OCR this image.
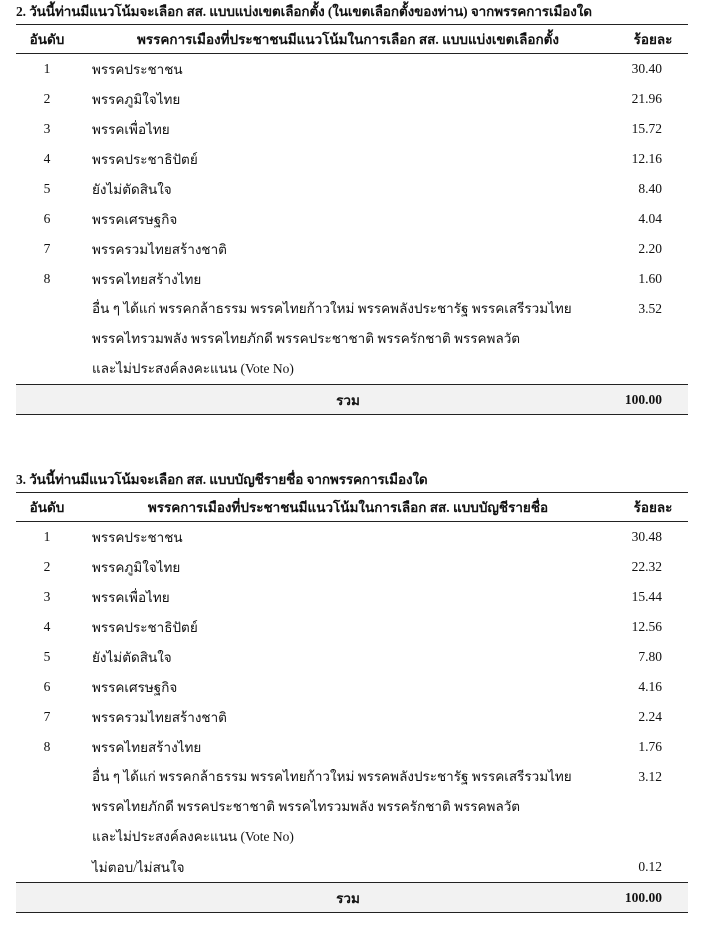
2. วันนี้ท่านมีแนวโน้มจะเลือก สส. แบบแบ่งเขตเลือกตั้ง (ในเขตเลือกตั้งของท่าน) จากพรรคการเมืองใด
อันดับ	พรรคการเมืองที่ประชาชนมีแนวโน้มในการเลือก สส. แบบแบ่งเขตเลือกตั้ง	ร้อยละ
1	พรรคประชาชน	30.40
2	พรรคภูมิใจไทย	21.96
3	พรรคเพื่อไทย	15.72
4	พรรคประชาธิปัตย์	12.16
5	ยังไม่ตัดสินใจ	8.40
6	พรรคเศรษฐกิจ	4.04
7	พรรครวมไทยสร้างชาติ	2.20
8	พรรคไทยสร้างไทย	1.60

	อื่น ๆ ได้แก่ พรรคกล้าธรรม พรรคไทยก้าวใหม่ พรรคพลังประชารัฐ พรรคเสรีรวมไทย
พรรคไทรวมพลัง พรรคไทยภักดี พรรคประชาชาติ พรรครักชาติ พรรคพลวัต
และไม่ประสงค์ลงคะแนน (Vote No)	3.52
	รวม	100.00
3. วันนี้ท่านมีแนวโน้มจะเลือก สส. แบบบัญชีรายชื่อ จากพรรคการเมืองใด
อันดับ	พรรคการเมืองที่ประชาชนมีแนวโน้มในการเลือก สส. แบบบัญชีรายชื่อ	ร้อยละ
1	พรรคประชาชน	30.48
2	พรรคภูมิใจไทย	22.32
3	พรรคเพื่อไทย	15.44
4	พรรคประชาธิปัตย์	12.56
5	ยังไม่ตัดสินใจ	7.80
6	พรรคเศรษฐกิจ	4.16
7	พรรครวมไทยสร้างชาติ	2.24
8	พรรคไทยสร้างไทย	1.76

	อื่น ๆ ได้แก่ พรรคกล้าธรรม พรรคไทยก้าวใหม่ พรรคพลังประชารัฐ พรรคเสรีรวมไทย
พรรคไทยภักดี พรรคประชาชาติ พรรคไทรวมพลัง พรรครักชาติ พรรคพลวัต
และไม่ประสงค์ลงคะแนน (Vote No)	3.12
	ไม่ตอบ/ไม่สนใจ	0.12
	รวม	100.00
